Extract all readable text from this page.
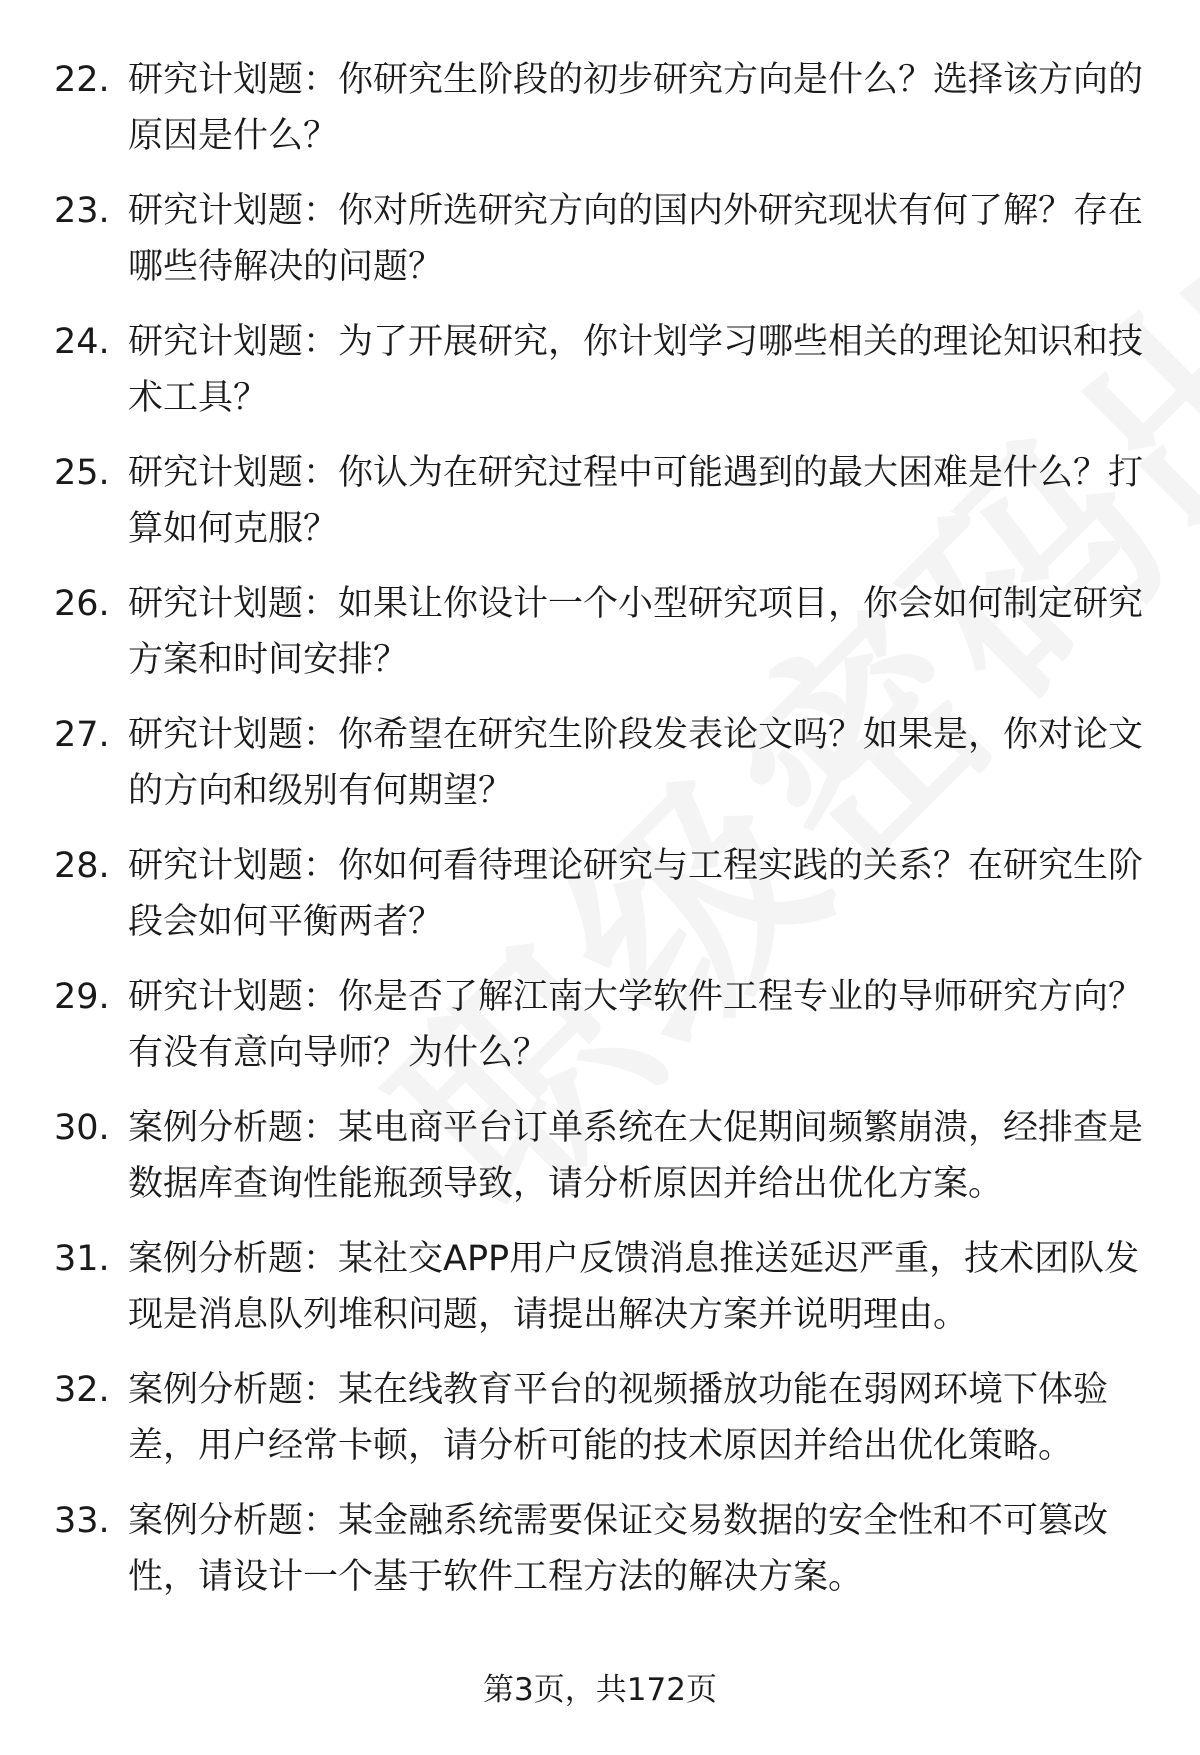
22. 研究计划题：你研究生阶段的初步研究方向是什么？选择该方向的原因是什么？
23. 研究计划题：你对所选研究方向的国内外研究现状有何了解？存在哪些待解决的问题？
24. 研究计划题：为了开展研究，你计划学习哪些相关的理论知识和技术工具？
25. 研究计划题：你认为在研究过程中可能遇到的最大困难是什么？打算如何克服？
26. 研究计划题：如果让你设计一个小型研究项目，你会如何制定研究方案和时间安排？
27. 研究计划题：你希望在研究生阶段发表论文吗？如果是，你对论文的方向和级别有何期望？
28. 研究计划题：你如何看待理论研究与工程实践的关系？在研究生阶段会如何平衡两者？
29. 研究计划题：你是否了解江南大学软件工程专业的导师研究方向？有没有意向导师？为什么？
30. 案例分析题：某电商平台订单系统在大促期间频繁崩溃，经排查是数据库查询性能瓶颈导致，请分析原因并给出优化方案。
31. 案例分析题：某社交APP用户反馈消息推送延迟严重，技术团队发现是消息队列堆积问题，请提出解决方案并说明理由。
32. 案例分析题：某在线教育平台的视频播放功能在弱网环境下体验差，用户经常卡顿，请分析可能的技术原因并给出优化策略。
33. 案例分析题：某金融系统需要保证交易数据的安全性和不可篡改性，请设计一个基于软件工程方法的解决方案。
第3页，共172页
